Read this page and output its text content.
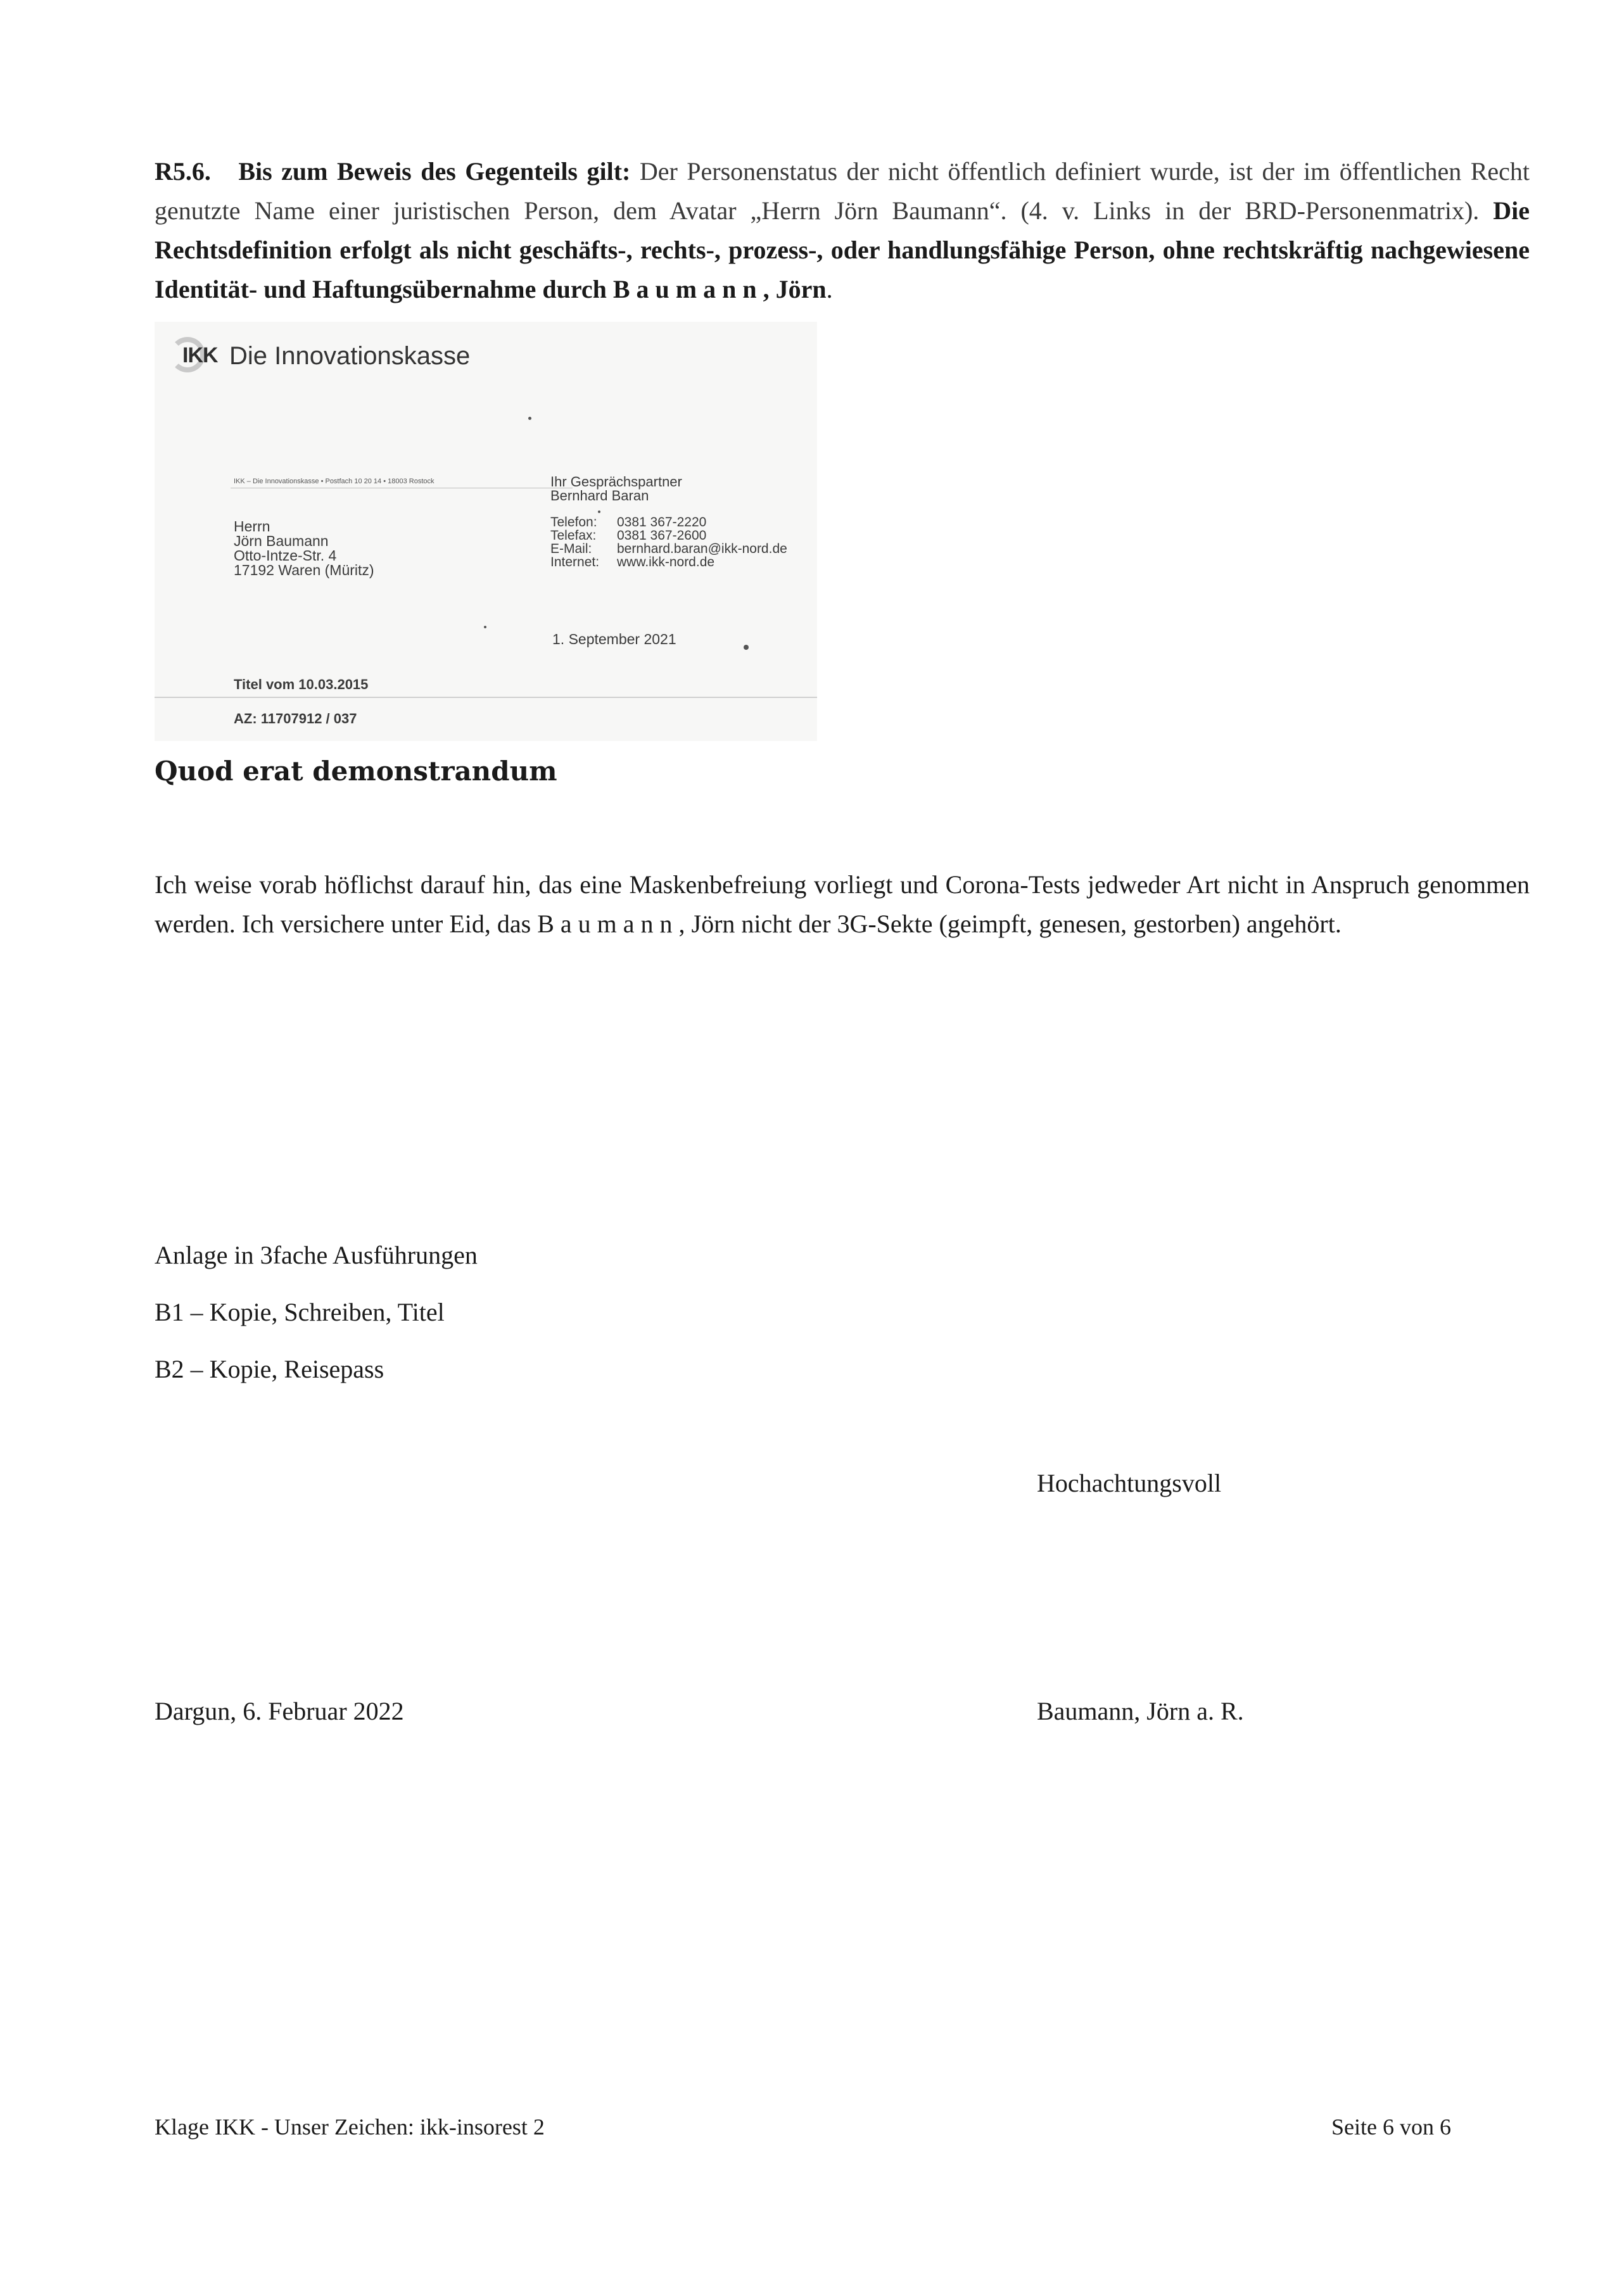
R5.6. Bis zum Beweis des Gegenteils gilt: Der Personenstatus der nicht öffentlich definiert wurde, ist der im öffentlichen Recht genutzte Name einer juristischen Person, dem Avatar „Herrn Jörn Baumann“. (4. v. Links in der BRD-Personenmatrix). Die Rechtsdefinition erfolgt als nicht geschäfts-, rechts-, prozess-, oder handlungsfähige Person, ohne rechtskräftig nachgewiesene Identität- und Haftungsübernahme durch Baumann, Jörn.
IKK Die Innovationskasse
IKK – Die Innovationskasse • Postfach 10 20 14 • 18003 Rostock
Herrn
Jörn Baumann
Otto-Intze-Str. 4
17192 Waren (Müritz)
Ihr Gesprächspartner
Bernhard Baran
Telefon:
Telefax:
E-Mail:
Internet:
0381 367-2220
0381 367-2600
bernhard.baran@ikk-nord.de
www.ikk-nord.de
1. September 2021
Titel vom 10.03.2015
AZ: 11707912 / 037
Quod erat demonstrandum
Ich weise vorab höflichst darauf hin, das eine Maskenbefreiung vorliegt und Corona-Tests jedweder Art nicht in Anspruch genommen werden. Ich versichere unter Eid, das Baumann, Jörn nicht der 3G-Sekte (geimpft, genesen, gestorben) angehört.
Anlage in 3fache Ausführungen
B1 – Kopie, Schreiben, Titel
B2 – Kopie, Reisepass
Hochachtungsvoll
Dargun, 6. Februar 2022	Baumann, Jörn a. R.
Klage IKK - Unser Zeichen: ikk-insorest 2	Seite 6 von 6
